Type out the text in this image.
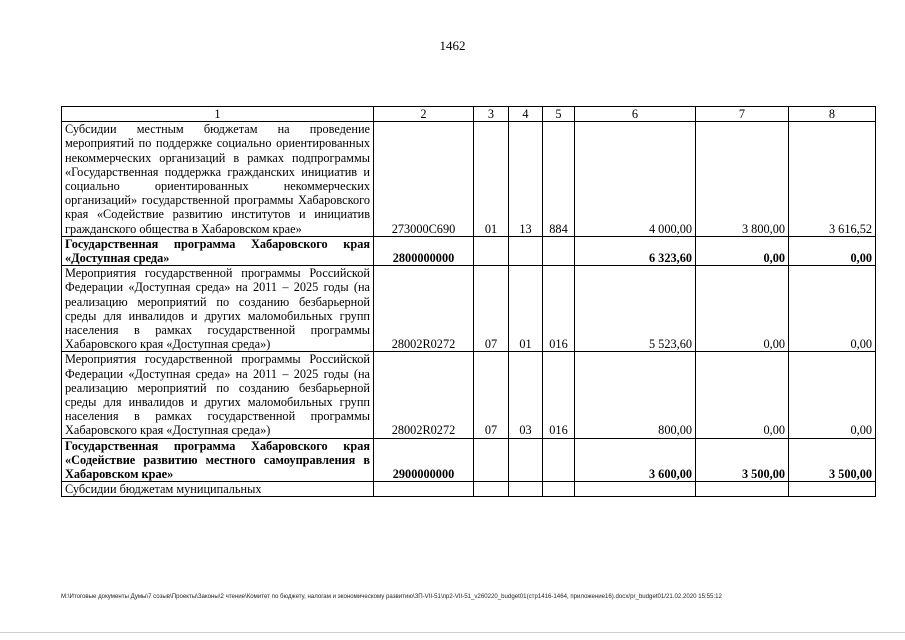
1462
1	2	3	4	5	6	7	8
Субсидии местным бюджетам на проведение мероприятий по поддержке социально ориентированных некоммерческих организаций в рамках подпрограммы «Государственная поддержка гражданских инициатив и социально ориентированных некоммерческих организаций» государственной программы Хабаровского края «Содействие развитию институтов и инициатив гражданского общества в Хабаровском крае»	273000С690	01	13	884	4 000,00	3 800,00	3 616,52
Государственная программа Хабаровского края «Доступная среда»	2800000000				6 323,60	0,00	0,00
Мероприятия государственной программы Российской Федерации «Доступная среда» на 2011 – 2025 годы (на реализацию мероприятий по созданию безбарьерной среды для инвалидов и других маломобильных групп населения в рамках государственной программы Хабаровского края «Доступная среда»)	28002R0272	07	01	016	5 523,60	0,00	0,00
Мероприятия государственной программы Российской Федерации «Доступная среда» на 2011 – 2025 годы (на реализацию мероприятий по созданию безбарьерной среды для инвалидов и других маломобильных групп населения в рамках государственной программы Хабаровского края «Доступная среда»)	28002R0272	07	03	016	800,00	0,00	0,00
Государственная программа Хабаровского края «Содействие развитию местного самоуправления в Хабаровском крае»	2900000000				3 600,00	3 500,00	3 500,00
Субсидии бюджетам муниципальных							
M:\Итоговые документы Думы\7 созыв\Проекты\Законы\2 чтение\Комитет по бюджету, налогам и экономическому развитию\ЗП-VII-51\пр2-VII-51_v260220_budget01(стр1416-1464, приложение16).docx/pr_budget01/21.02.2020 15:55:12
